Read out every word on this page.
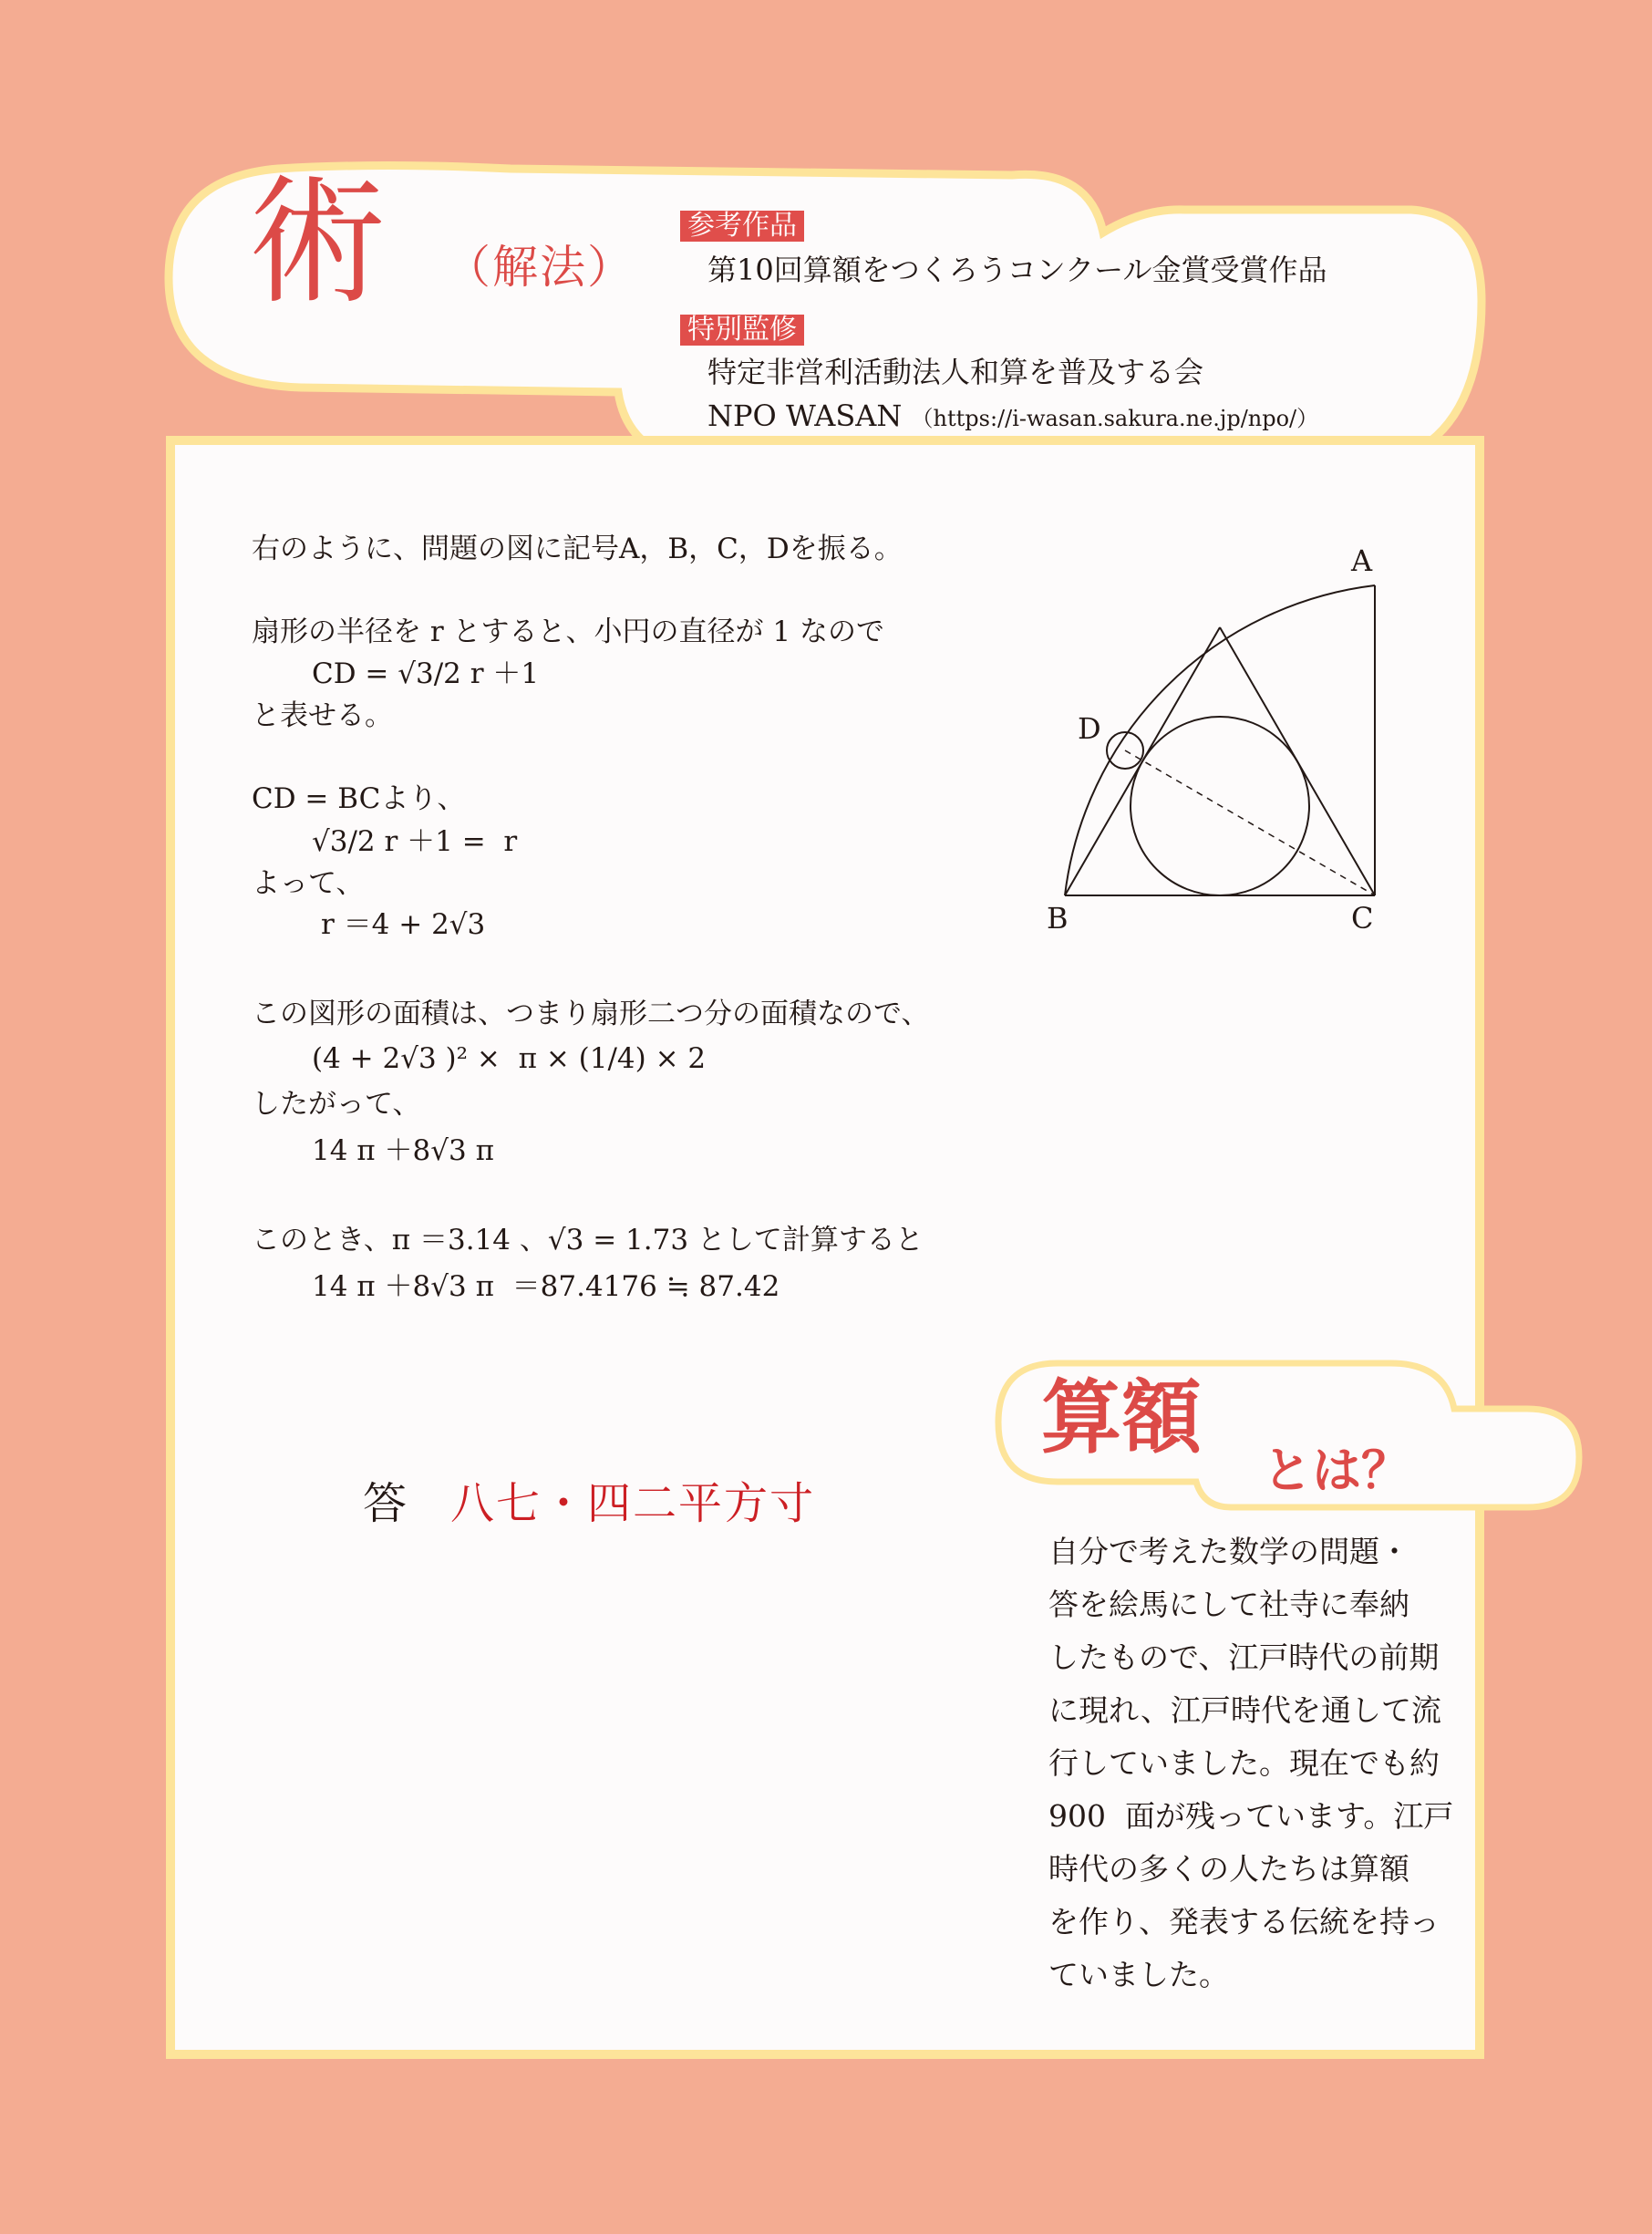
術 （解法）
参考作品
第10回算額をつくろうコンクール金賞受賞作品
特別監修
特定非営利活動法人和算を普及する会
NPO WASAN （https://i-wasan.sakura.ne.jp/npo/）
右のように、問題の図に記号A，B，C，Dを振る。
扇形の半径を r とすると、小円の直径が 1 なので
CD = √3/2 r ＋1
と表せる。
CD = BCより、
√3/2 r ＋1 =  r
よって、
r ＝4 + 2√3
この図形の面積は、つまり扇形二つ分の面積なので、
(4 + 2√3 )² ×  π × (1/4) × 2
したがって、
14 π ＋8√3 π
このとき、π ＝3.14 、√3 = 1.73 として計算すると
14 π ＋8√3 π  ＝87.4176 ≒ 87.42
答 八七・四二平方寸
A
B	C
D
算額
とは？
自分で考えた数学の問題・
答を絵馬にして社寺に奉納
したもので、江戸時代の前期
に現れ、江戸時代を通して流
行していました。現在でも約
900  面が残っています。江戸
時代の多くの人たちは算額
を作り、発表する伝統を持っ
ていました。
